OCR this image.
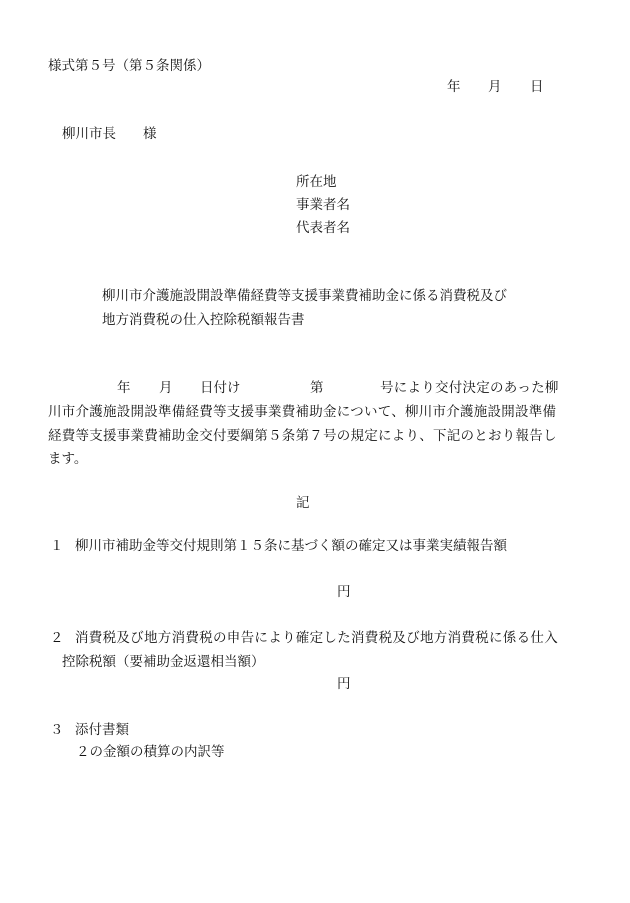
様式第５号（第５条関係）
年 月 日
柳川市長 様
所在地
事業者名
代表者名
柳川市介護施設開設準備経費等支援事業費補助金に係る消費税及び
地方消費税の仕入控除税額報告書
年 月 日付け	第	号により交付決定のあった柳
川市介護施設開設準備経費等支援事業費補助金について、柳川市介護施設開設準備
経費等支援事業費補助金交付要綱第５条第７号の規定により、下記のとおり報告し
ます。
記
１ 柳川市補助金等交付規則第１５条に基づく額の確定又は事業実績報告額
円
２ 消費税及び地方消費税の申告により確定した消費税及び地方消費税に係る仕入
控除税額（要補助金返還相当額）
円
３ 添付書類
２の金額の積算の内訳等
